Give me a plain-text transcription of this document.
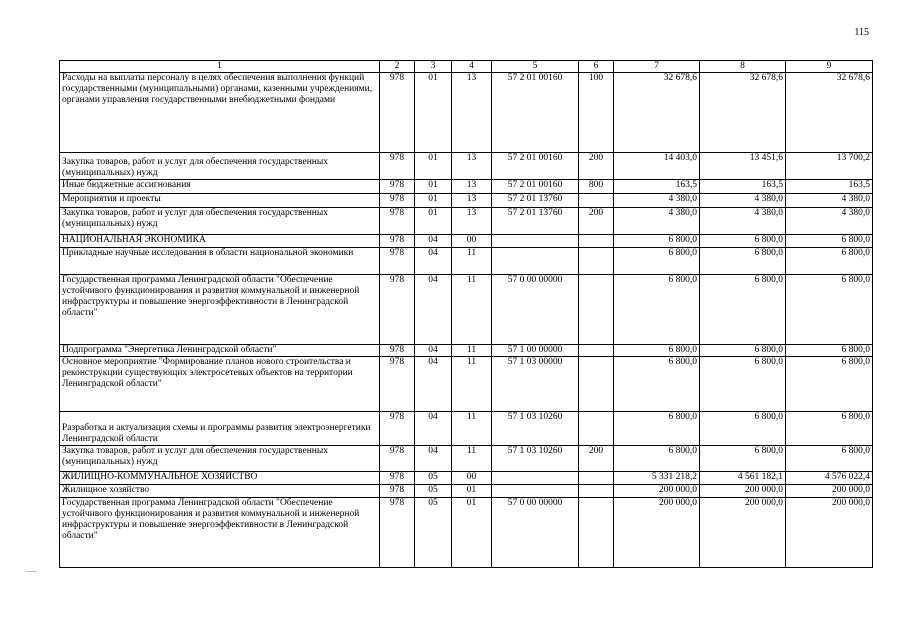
115
1	2	3	4	5	6	7	8	9
Расходы на выплаты персоналу в целях обеспечения выполнения функций государственными (муниципальными) органами, казенными учреждениями, органами управления государственными внебюджетными фондами	978	01	13	57 2 01 00160	100	32 678,6	32 678,6	32 678,6
Закупка товаров, работ и услуг для обеспечения государственных (муниципальных) нужд	978	01	13	57 2 01 00160	200	14 403,0	13 451,6	13 700,2
Иные бюджетные ассигнования	978	01	13	57 2 01 00160	800	163,5	163,5	163,5
Мероприятия и проекты	978	01	13	57 2 01 13760		4 380,0	4 380,0	4 380,0
Закупка товаров, работ и услуг для обеспечения государственных (муниципальных) нужд	978	01	13	57 2 01 13760	200	4 380,0	4 380,0	4 380,0
НАЦИОНАЛЬНАЯ ЭКОНОМИКА	978	04	00			6 800,0	6 800,0	6 800,0
Прикладные научные исследования в области национальной экономики	978	04	11			6 800,0	6 800,0	6 800,0
Государственная программа Ленинградской области "Обеспечение устойчивого функционирования и развития коммунальной и инженерной инфраструктуры и повышение энергоэффективности в Ленинградской области"	978	04	11	57 0 00 00000		6 800,0	6 800,0	6 800,0
Подпрограмма "Энергетика Ленинградской области"	978	04	11	57 1 00 00000		6 800,0	6 800,0	6 800,0
Основное мероприятие "Формирование планов нового строительства и реконструкции существующих электросетевых объектов на территории Ленинградской области"	978	04	11	57 1 03 00000		6 800,0	6 800,0	6 800,0
Разработка и актуализация схемы и программы развития электроэнергетики Ленинградской области	978	04	11	57 1 03 10260		6 800,0	6 800,0	6 800,0
Закупка товаров, работ и услуг для обеспечения государственных (муниципальных) нужд	978	04	11	57 1 03 10260	200	6 800,0	6 800,0	6 800,0
ЖИЛИЩНО-КОММУНАЛЬНОЕ ХОЗЯЙСТВО	978	05	00			5 331 218,2	4 561 182,1	4 576 022,4
Жилищное хозяйство	978	05	01			200 000,0	200 000,0	200 000,0
Государственная программа Ленинградской области "Обеспечение устойчивого функционирования и развития коммунальной и инженерной инфраструктуры и повышение энергоэффективности в Ленинградской области"	978	05	01	57 0 00 00000		200 000,0	200 000,0	200 000,0
